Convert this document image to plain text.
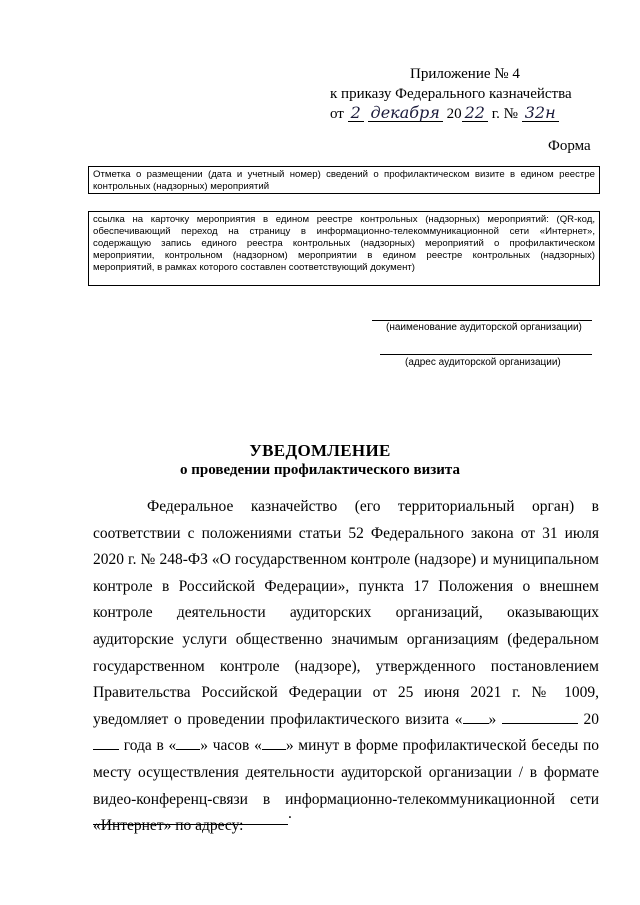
Приложение № 4
к приказу Федерального казначейства
от 2 декабря 20 22 г. № 32н
Форма
Отметка о размещении (дата и учетный номер) сведений о профилактическом визите в едином реестре контрольных (надзорных) мероприятий
ссылка на карточку мероприятия в едином реестре контрольных (надзорных) мероприятий: (QR-код, обеспечивающий переход на страницу в информационно-телекоммуникационной сети «Интернет», содержащую запись единого реестра контрольных (надзорных) мероприятий о профилактическом мероприятии, контрольном (надзорном) мероприятии в едином реестре контрольных (надзорных) мероприятий, в рамках которого составлен соответствующий документ)
(наименование аудиторской организации)
(адрес аудиторской организации)
УВЕДОМЛЕНИЕ
о проведении профилактического визита

Федеральное казначейство (его территориальный орган) в соответствии с положениями статьи 52 Федерального закона от 31 июля 2020 г. № 248-ФЗ «О государственном контроле (надзоре) и муниципальном контроле в Российской Федерации», пункта 17 Положения о внешнем контроле деятельности аудиторских организаций, оказывающих аудиторские услуги общественно значимым организациям (федеральном государственном контроле (надзоре), утвержденного постановлением Правительства Российской Федерации от 25 июня 2021 г. № 1009, уведомляет о проведении профилактического визита « »	20 года в « » часов « » минут в форме профилактической беседы по месту осуществления деятельности аудиторской организации / в формате видео-конференц-связи в информационно-телекоммуникационной сети «Интернет» по адресу:

.
